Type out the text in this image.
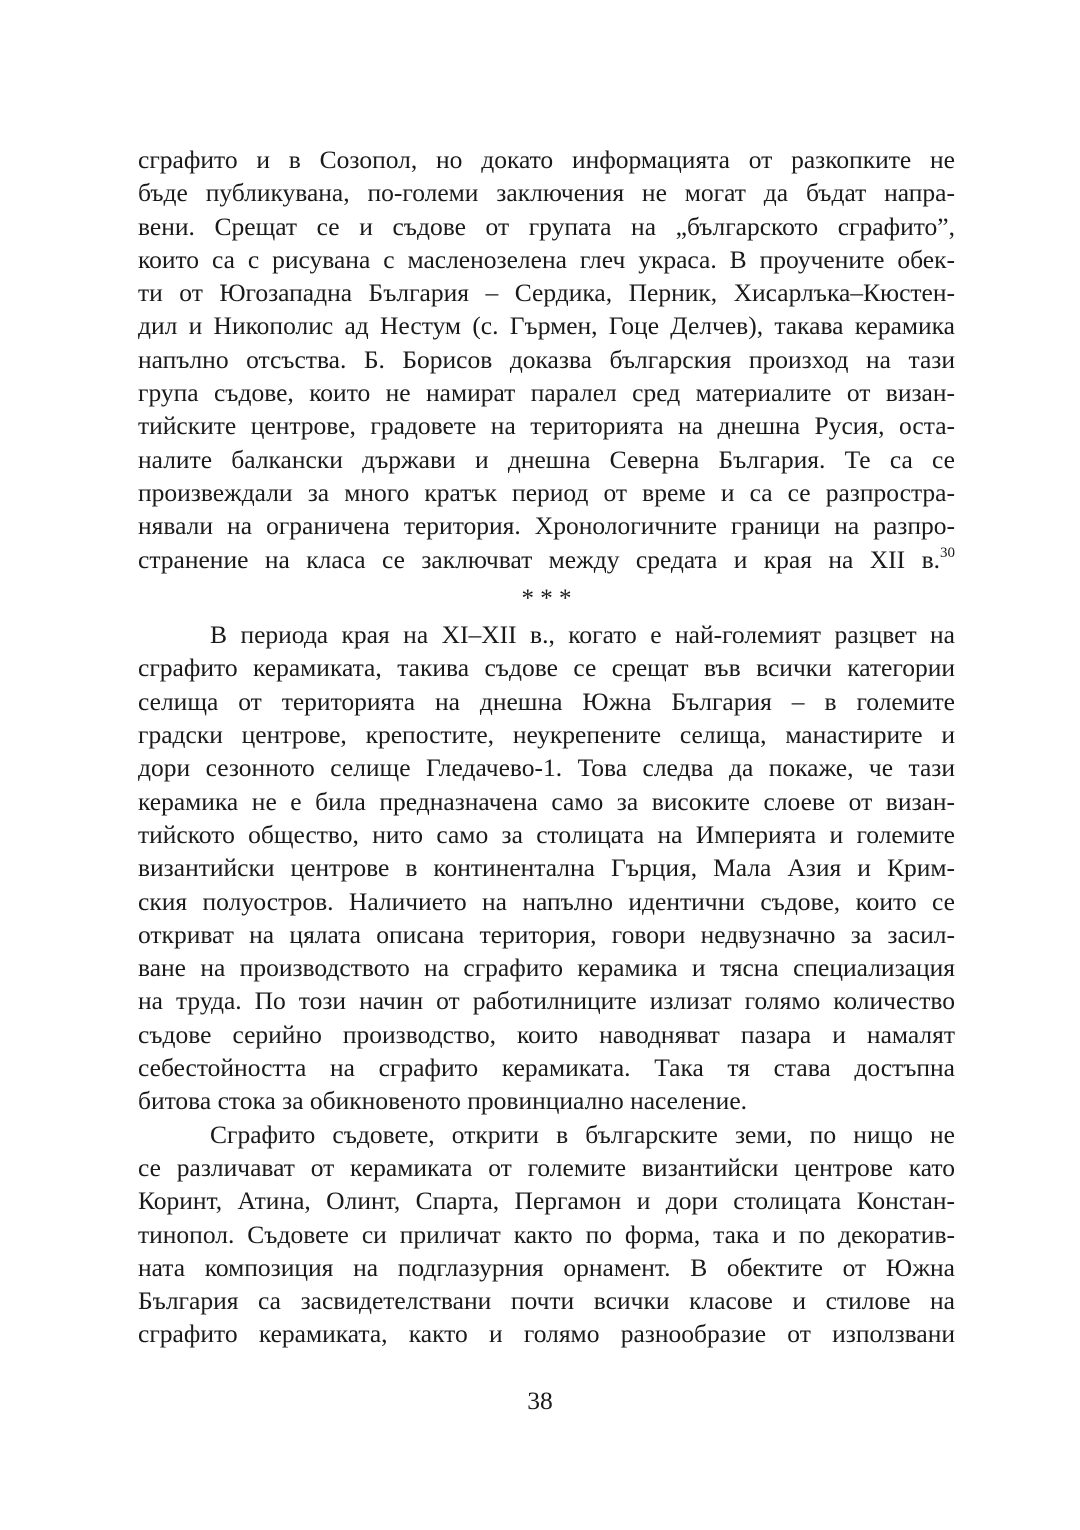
сграфито и в Созопол, но докато информацията от разкопките не
бъде публикувана, по-големи заключения не могат да бъдат напра-
вени. Срещат се и съдове от групата на „българското сграфито”,
които са с рисувана с масленозелена глеч украса. В проучените обек-
ти от Югозападна България – Сердика, Перник, Хисарлъка–Кюстен-
дил и Никополис ад Нестум (с. Гърмен, Гоце Делчев), такава керамика
напълно отсъства. Б. Борисов доказва българския произход на тази
група съдове, които не намират паралел сред материалите от визан-
тийските центрове, градовете на територията на днешна Русия, оста-
налите балкански държави и днешна Северна България. Те са се
произвеждали за много кратък период от време и са се разпростра-
нявали на ограничена територия. Хронологичните граници на разпро-
странение на класа се заключват между средата и края на XII в.$^{30}$
* * *
В периода края на XI–XII в., когато е най-големият разцвет на
сграфито керамиката, такива съдове се срещат във всички категории
селища от територията на днешна Южна България – в големите
градски центрове, крепостите, неукрепените селища, манастирите и
дори сезонното селище Гледачево-1. Това следва да покаже, че тази
керамика не е била предназначена само за високите слоеве от визан-
тийското общество, нито само за столицата на Империята и големите
византийски центрове в континентална Гърция, Мала Азия и Крим-
ския полуостров. Наличието на напълно идентични съдове, които се
откриват на цялата описана територия, говори недвузначно за засил-
ване на производството на сграфито керамика и тясна специализация
на труда. По този начин от работилниците излизат голямо количество
съдове серийно производство, които наводняват пазара и намалят
себестойността на сграфито керамиката. Така тя става достъпна
битова стока за обикновеното провинциално население.
Сграфито съдовете, открити в българските земи, по нищо не
се различават от керамиката от големите византийски центрове като
Коринт, Атина, Олинт, Спарта, Пергамон и дори столицата Констан-
тинопол. Съдовете си приличат както по форма, така и по декоратив-
ната композиция на подглазурния орнамент. В обектите от Южна
България са засвидетелствани почти всички класове и стилове на
сграфито керамиката, както и голямо разнообразие от използвани
38
